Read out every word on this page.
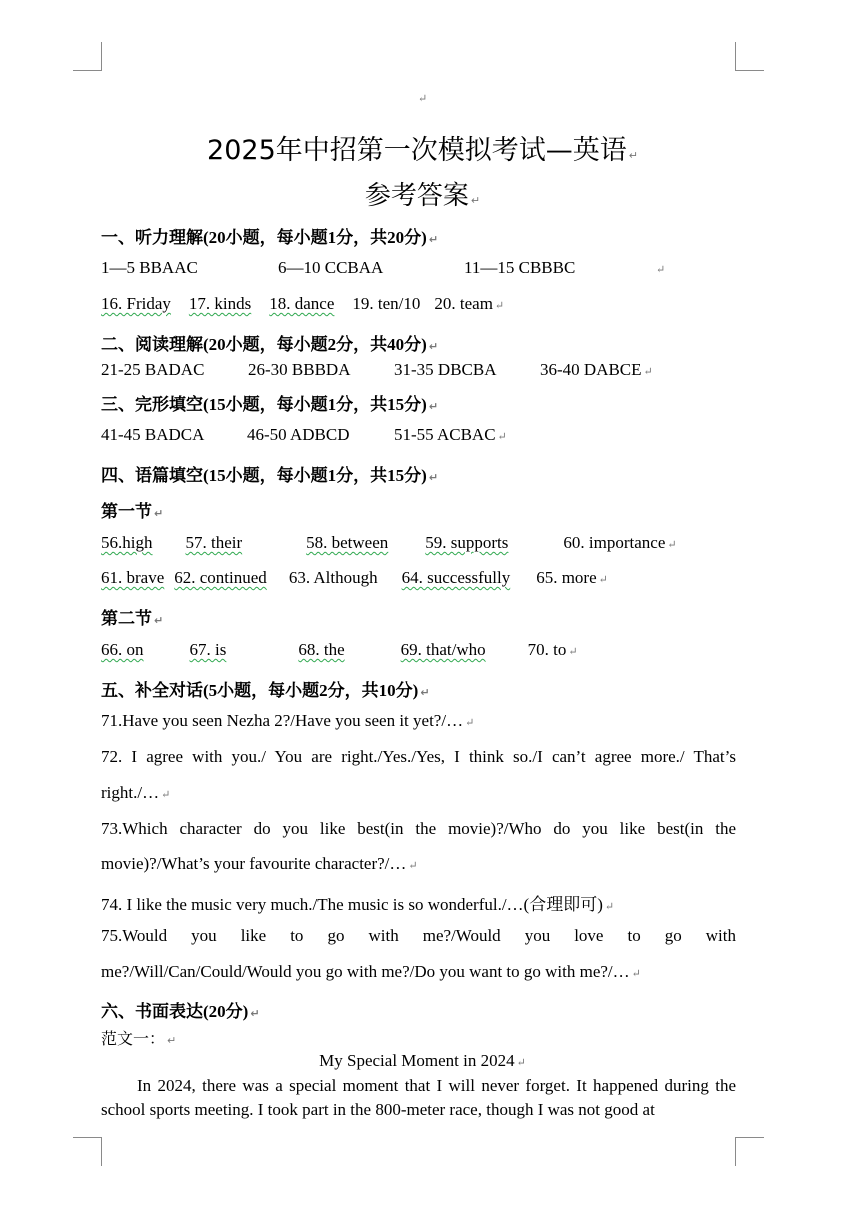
↵
2025年中招第一次模拟考试—英语 ↵
参考答案 ↵
一、听力理解(20小题，每小题1分，共20分) ↵
1—5 BBAAC	6—10 CCBAA	11—15 CBBBC	↵
16. Friday 17. kinds 18. dance 19. ten/10 20. team ↵
二、阅读理解(20小题，每小题2分，共40分) ↵
21-25 BADAC	26-30 BBBDA	31-35 DBCBA	36-40 DABCE ↵
三、完形填空(15小题，每小题1分，共15分) ↵
41-45 BADCA	46-50 ADBCD	51-55 ACBAC ↵
四、语篇填空(15小题，每小题1分，共15分) ↵
第一节 ↵
56.high 57. their	58. between 59. supports	60. importance ↵
61. brave 62. continued 63. Although 64. successfully 65. more ↵
第二节 ↵
66. on	67. is	68. the	69. that/who 70. to ↵
五、补全对话(5小题，每小题2分，共10分) ↵
71.Have you seen Nezha 2?/Have you seen it yet?/… ↵
72. I agree with you./ You are right./Yes./Yes, I think so./I can’t agree more./ That’s
right./… ↵
73.Which character do you like best(in the movie)?/Who do you like best(in the
movie)?/What’s your favourite character?/… ↵
74. I like the music very much./The music is so wonderful./…(合理即可) ↵
75.Would you like to go with me?/Would you love to go with
me?/Will/Can/Could/Would you go with me?/Do you want to go with me?/… ↵
六、书面表达(20分) ↵
范文一： ↵
My Special Moment in 2024 ↵
In 2024, there was a special moment that I will never forget. It happened during the school sports meeting. I took part in the 800-meter race, though I was not good at
